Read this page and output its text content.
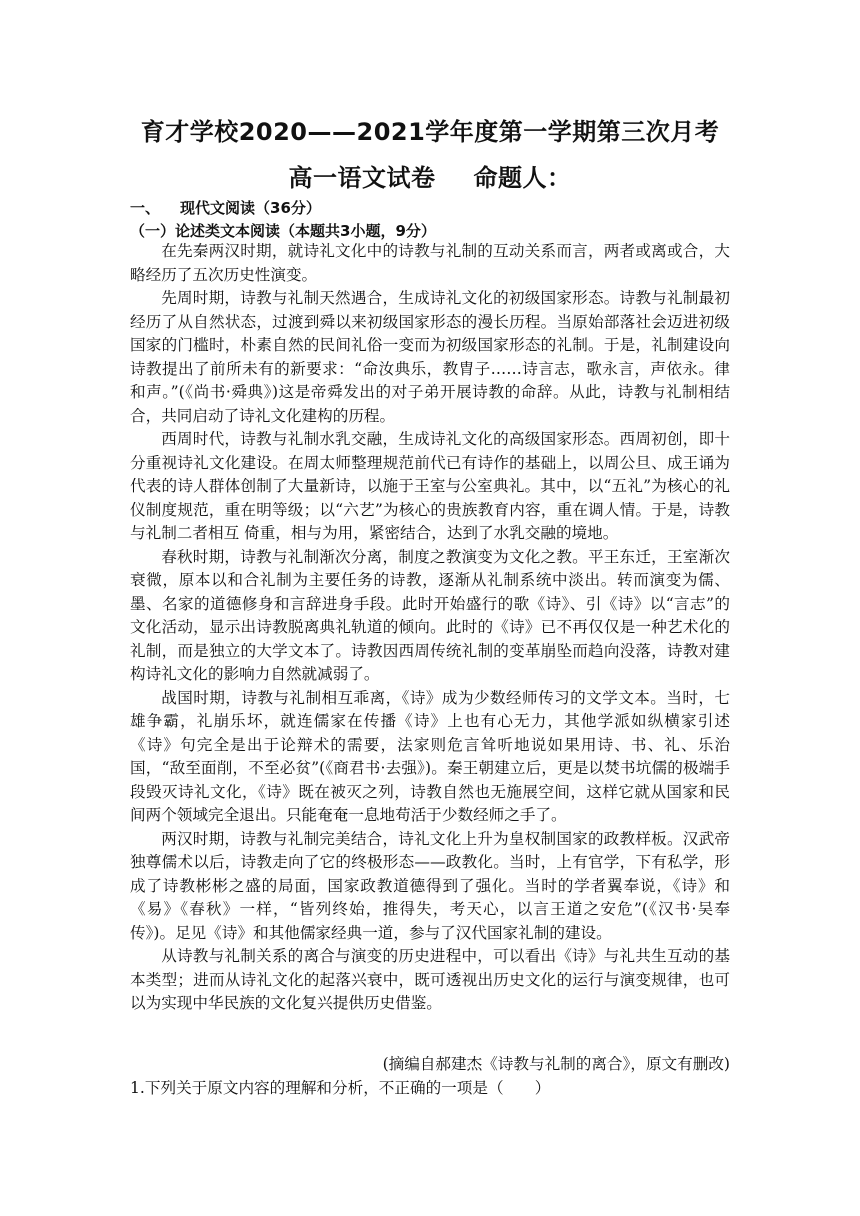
育才学校2020——2021学年度第一学期第三次月考
高一语文试卷 命题人：
一、 现代文阅读（36分）
（一）论述类文本阅读（本题共3小题，9分）

在先秦两汉时期，就诗礼文化中的诗教与礼制的互动关系而言，两者或离或合，大略经历了五次历史性演变。

先周时期，诗教与礼制天然遇合，生成诗礼文化的初级国家形态。诗教与礼制最初经历了从自然状态，过渡到舜以来初级国家形态的漫长历程。当原始部落社会迈进初级国家的门槛时，朴素自然的民间礼俗一变而为初级国家形态的礼制。于是，礼制建设向诗教提出了前所未有的新要求：“命汝典乐，教胄子……诗言志，歌永言，声依永。律和声。”(《尚书·舜典》)这是帝舜发出的对子弟开展诗教的命辞。从此，诗教与礼制相结合，共同启动了诗礼文化建构的历程。

西周时代，诗教与礼制水乳交融，生成诗礼文化的高级国家形态。西周初创，即十分重视诗礼文化建设。在周太师整理规范前代已有诗作的基础上，以周公旦、成王诵为代表的诗人群体创制了大量新诗，以施于王室与公室典礼。其中，以“五礼”为核心的礼仪制度规范，重在明等级；以“六艺”为核心的贵族教育内容，重在调人情。于是，诗教与礼制二者相互 倚重，相与为用，紧密结合，达到了水乳交融的境地。

春秋时期，诗教与礼制渐次分离，制度之教演变为文化之教。平王东迁，王室渐次衰微，原本以和合礼制为主要任务的诗教，逐渐从礼制系统中淡出。转而演变为儒、墨、名家的道德修身和言辞进身手段。此时开始盛行的歌《诗》、引《诗》以“言志”的文化活动，显示出诗教脱离典礼轨道的倾向。此时的《诗》已不再仅仅是一种艺术化的礼制，而是独立的大学文本了。诗教因西周传统礼制的变革崩坠而趋向没落，诗教对建构诗礼文化的影响力自然就减弱了。

战国时期，诗教与礼制相互乖离，《诗》成为少数经师传习的文学文本。当时，七雄争霸，礼崩乐坏，就连儒家在传播《诗》上也有心无力，其他学派如纵横家引述《诗》句完全是出于论辩术的需要，法家则危言耸听地说如果用诗、书、礼、乐治国，“敌至面削，不至必贫”(《商君书·去强》)。秦王朝建立后，更是以焚书坑儒的极端手段毁灭诗礼文化，《诗》既在被灭之列，诗教自然也无施展空间，这样它就从国家和民间两个领域完全退出。只能奄奄一息地苟活于少数经师之手了。

两汉时期，诗教与礼制完美结合，诗礼文化上升为皇权制国家的政教样板。汉武帝独尊儒术以后，诗教走向了它的终极形态——政教化。当时，上有官学，下有私学，形成了诗教彬彬之盛的局面，国家政教道德得到了强化。当时的学者翼奉说，《诗》和《易》《春秋》一样，“皆列终始，推得失，考天心，以言王道之安危”(《汉书·吴奉传》)。足见《诗》和其他儒家经典一道，参与了汉代国家礼制的建设。

从诗教与礼制关系的离合与演变的历史进程中，可以看出《诗》与礼共生互动的基本类型；进而从诗礼文化的起落兴衰中，既可透视出历史文化的运行与演变规律，也可以为实现中华民族的文化复兴提供历史借鉴。

(摘编自郝建杰《诗教与礼制的离合》，原文有删改)
1.下列关于原文内容的理解和分析，不正确的一项是（　　）
